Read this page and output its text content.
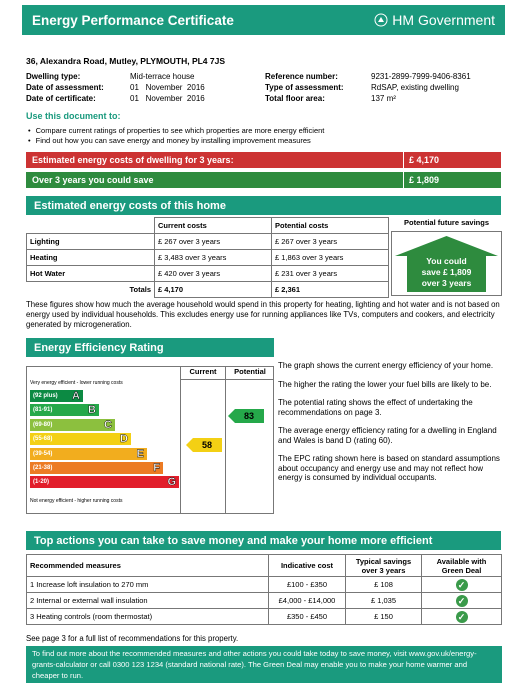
Energy Performance Certificate	HM Government
36, Alexandra Road, Mutley, PLYMOUTH, PL4 7JS
Dwelling type:	Mid-terrace house
Date of assessment:	01   November  2016
Date of certificate:	01   November  2016
Reference number:	9231-2899-7999-9406-8361
Type of assessment:	RdSAP, existing dwelling
Total floor area:	137 m²
Use this document to:
• Compare current ratings of properties to see which properties are more energy efficient
• Find out how you can save energy and money by installing improvement measures
Estimated energy costs of dwelling for 3 years:	£ 4,170
Over 3 years you could save	£ 1,809
Estimated energy costs of this home
	Current costs	Potential costs
Lighting	£ 267 over 3 years	£ 267 over 3 years
Heating	£ 3,483 over 3 years	£ 1,863 over 3 years
Hot Water	£ 420 over 3 years	£ 231 over 3 years
Totals	£ 4,170	£ 2,361
Potential future savings
You could
save £ 1,809
over 3 years
These figures show how much the average household would spend in this property for heating, lighting and hot water and is not based on energy used by individual households. This excludes energy use for running appliances like TVs, computers and cookers, and electricity generated by microgeneration.
Energy Efficiency Rating
Current	Potential
Very energy efficient - lower running costs
(92 plus) A
(81-91)	B
(69-80)	C
(55-68)	D
(39-54)	E
(21-38)	F
(1-20)	G
Not energy efficient - higher running costs
58
83

The graph shows the current energy efficiency of your home.

The higher the rating the lower your fuel bills are likely to be.

The potential rating shows the effect of undertaking the recommendations on page 3.

The average energy efficiency rating for a dwelling in England and Wales is band D (rating 60).

The EPC rating shown here is based on standard assumptions about occupancy and energy use and may not reflect how energy is consumed by individual occupants.

Top actions you can take to save money and make your home more efficient
Recommended measures	Indicative cost	Typical savings over 3 years	Available with Green Deal
1 Increase loft insulation to 270 mm	£100 - £350	£ 108	✓
2 Internal or external wall insulation	£4,000 - £14,000	£ 1,035	✓
3 Heating controls (room thermostat)	£350 - £450	£ 150	✓
See page 3 for a full list of recommendations for this property.
To find out more about the recommended measures and other actions you could take today to save money, visit www.gov.uk/energy-grants-calculator or call 0300 123 1234 (standard national rate). The Green Deal may enable you to make your home warmer and cheaper to run.
